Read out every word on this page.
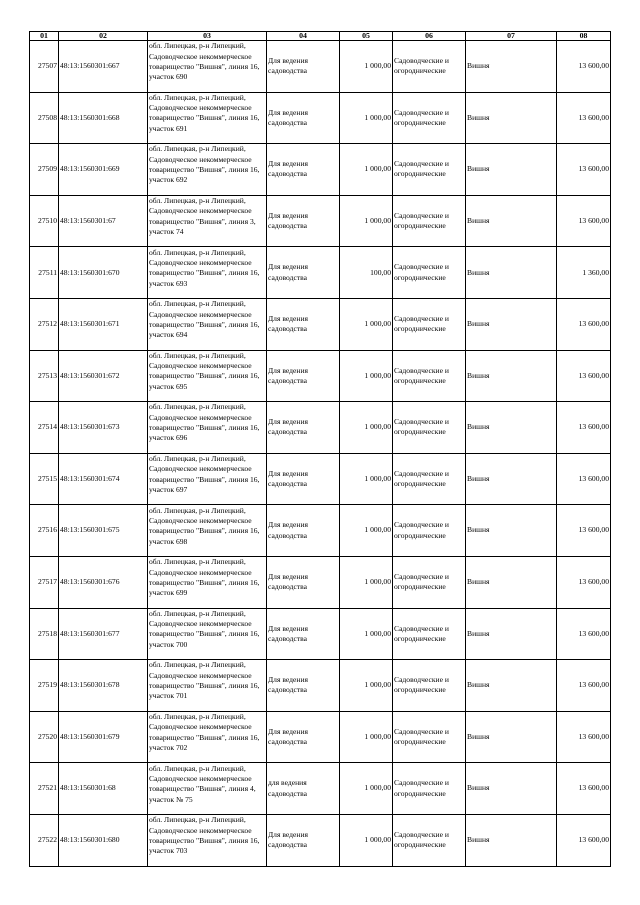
01	02	03	04	05	06	07	08
27507	48:13:1560301:667	обл. Липецкая, р-н Липецкий, Садоводческое некоммерческое товарищество "Вишня", линия 16, участок 690	Для ведения садоводства	1 000,00	Садоводческие и огороднические	Вишня	13 600,00
27508	48:13:1560301:668	обл. Липецкая, р-н Липецкий, Садоводческое некоммерческое товарищество "Вишня", линия 16, участок 691	Для ведения садоводства	1 000,00	Садоводческие и огороднические	Вишня	13 600,00
27509	48:13:1560301:669	обл. Липецкая, р-н Липецкий, Садоводческое некоммерческое товарищество "Вишня", линия 16, участок 692	Для ведения садоводства	1 000,00	Садоводческие и огороднические	Вишня	13 600,00
27510	48:13:1560301:67	обл. Липецкая, р-н Липецкий, Садоводческое некоммерческое товарищество "Вишня", линия 3, участок 74	Для ведения садоводства	1 000,00	Садоводческие и огороднические	Вишня	13 600,00
27511	48:13:1560301:670	обл. Липецкая, р-н Липецкий, Садоводческое некоммерческое товарищество "Вишня", линия 16, участок 693	Для ведения садоводства	100,00	Садоводческие и огороднические	Вишня	1 360,00
27512	48:13:1560301:671	обл. Липецкая, р-н Липецкий, Садоводческое некоммерческое товарищество "Вишня", линия 16, участок 694	Для ведения садоводства	1 000,00	Садоводческие и огороднические	Вишня	13 600,00
27513	48:13:1560301:672	обл. Липецкая, р-н Липецкий, Садоводческое некоммерческое товарищество "Вишня", линия 16, участок 695	Для ведения садоводства	1 000,00	Садоводческие и огороднические	Вишня	13 600,00
27514	48:13:1560301:673	обл. Липецкая, р-н Липецкий, Садоводческое некоммерческое товарищество "Вишня", линия 16, участок 696	Для ведения садоводства	1 000,00	Садоводческие и огороднические	Вишня	13 600,00
27515	48:13:1560301:674	обл. Липецкая, р-н Липецкий, Садоводческое некоммерческое товарищество "Вишня", линия 16, участок 697	Для ведения садоводства	1 000,00	Садоводческие и огороднические	Вишня	13 600,00
27516	48:13:1560301:675	обл. Липецкая, р-н Липецкий, Садоводческое некоммерческое товарищество "Вишня", линия 16, участок 698	Для ведения садоводства	1 000,00	Садоводческие и огороднические	Вишня	13 600,00
27517	48:13:1560301:676	обл. Липецкая, р-н Липецкий, Садоводческое некоммерческое товарищество "Вишня", линия 16, участок 699	Для ведения садоводства	1 000,00	Садоводческие и огороднические	Вишня	13 600,00
27518	48:13:1560301:677	обл. Липецкая, р-н Липецкий, Садоводческое некоммерческое товарищество "Вишня", линия 16, участок 700	Для ведения садоводства	1 000,00	Садоводческие и огороднические	Вишня	13 600,00
27519	48:13:1560301:678	обл. Липецкая, р-н Липецкий, Садоводческое некоммерческое товарищество "Вишня", линия 16, участок 701	Для ведения садоводства	1 000,00	Садоводческие и огороднические	Вишня	13 600,00
27520	48:13:1560301:679	обл. Липецкая, р-н Липецкий, Садоводческое некоммерческое товарищество "Вишня", линия 16, участок 702	Для ведения садоводства	1 000,00	Садоводческие и огороднические	Вишня	13 600,00
27521	48:13:1560301:68	обл. Липецкая, р-н Липецкий, Садоводческое некоммерческое товарищество "Вишня", линия 4, участок № 75	для ведения садоводства	1 000,00	Садоводческие и огороднические	Вишня	13 600,00
27522	48:13:1560301:680	обл. Липецкая, р-н Липецкий, Садоводческое некоммерческое товарищество "Вишня", линия 16, участок 703	Для ведения садоводства	1 000,00	Садоводческие и огороднические	Вишня	13 600,00
